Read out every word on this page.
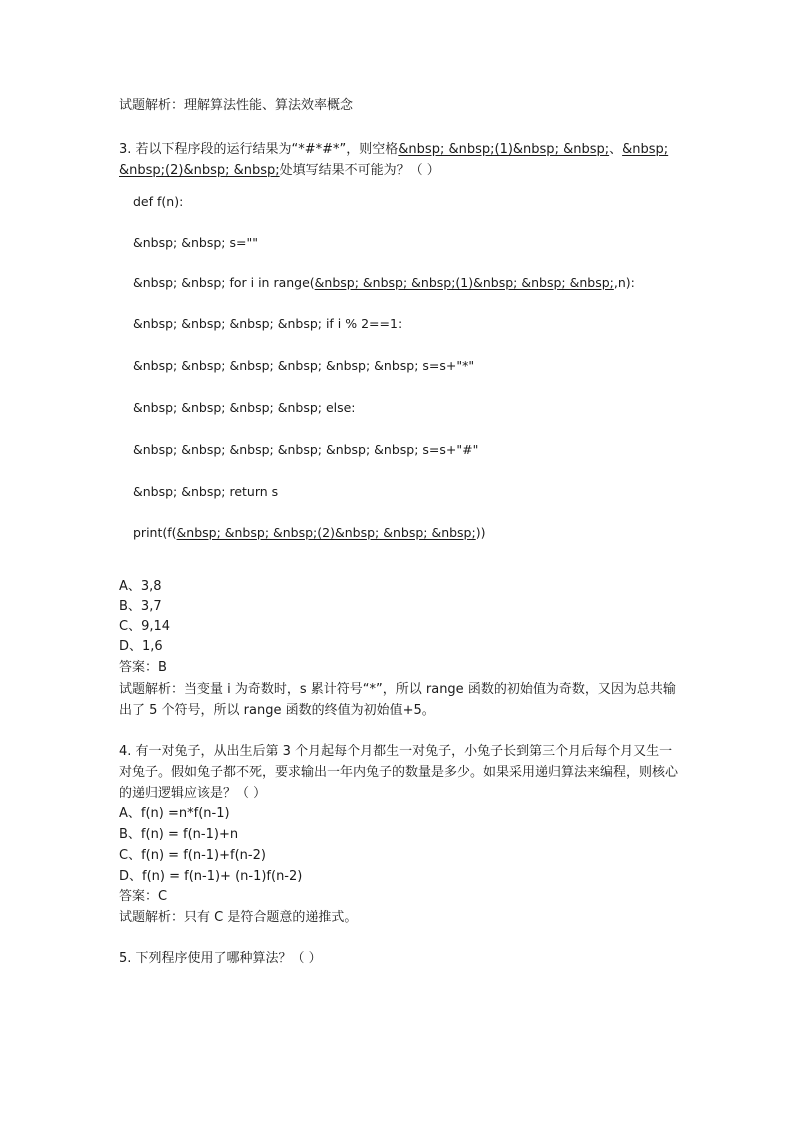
试题解析：理解算法性能、算法效率概念
3. 若以下程序段的运行结果为“*#*#*”，则空格&nbsp; &nbsp;(1)&nbsp; &nbsp;、&nbsp;
&nbsp;(2)&nbsp; &nbsp;处填写结果不可能为？（ ）
def f(n):
&nbsp; &nbsp; s=""
&nbsp; &nbsp; for i in range(&nbsp; &nbsp; &nbsp;(1)&nbsp; &nbsp; &nbsp;,n):
&nbsp; &nbsp; &nbsp; &nbsp; if i % 2==1:
&nbsp; &nbsp; &nbsp; &nbsp; &nbsp; &nbsp; s=s+"*"
&nbsp; &nbsp; &nbsp; &nbsp; else:
&nbsp; &nbsp; &nbsp; &nbsp; &nbsp; &nbsp; s=s+"#"
&nbsp; &nbsp; return s
print(f(&nbsp; &nbsp; &nbsp;(2)&nbsp; &nbsp; &nbsp;))
A、3,8
B、3,7
C、9,14
D、1,6
答案：B
试题解析：当变量 i 为奇数时，s 累计符号“*”，所以 range 函数的初始值为奇数，又因为总共输出了 5 个符号，所以 range 函数的终值为初始值+5。
4. 有一对兔子，从出生后第 3 个月起每个月都生一对兔子，小兔子长到第三个月后每个月又生一对兔子。假如兔子都不死，要求输出一年内兔子的数量是多少。如果采用递归算法来编程，则核心的递归逻辑应该是？（ ）
A、f(n) =n*f(n-1)
B、f(n) = f(n-1)+n
C、f(n) = f(n-1)+f(n-2)
D、f(n) = f(n-1)+ (n-1)f(n-2)
答案：C
试题解析：只有 C 是符合题意的递推式。
5. 下列程序使用了哪种算法？（ ）
